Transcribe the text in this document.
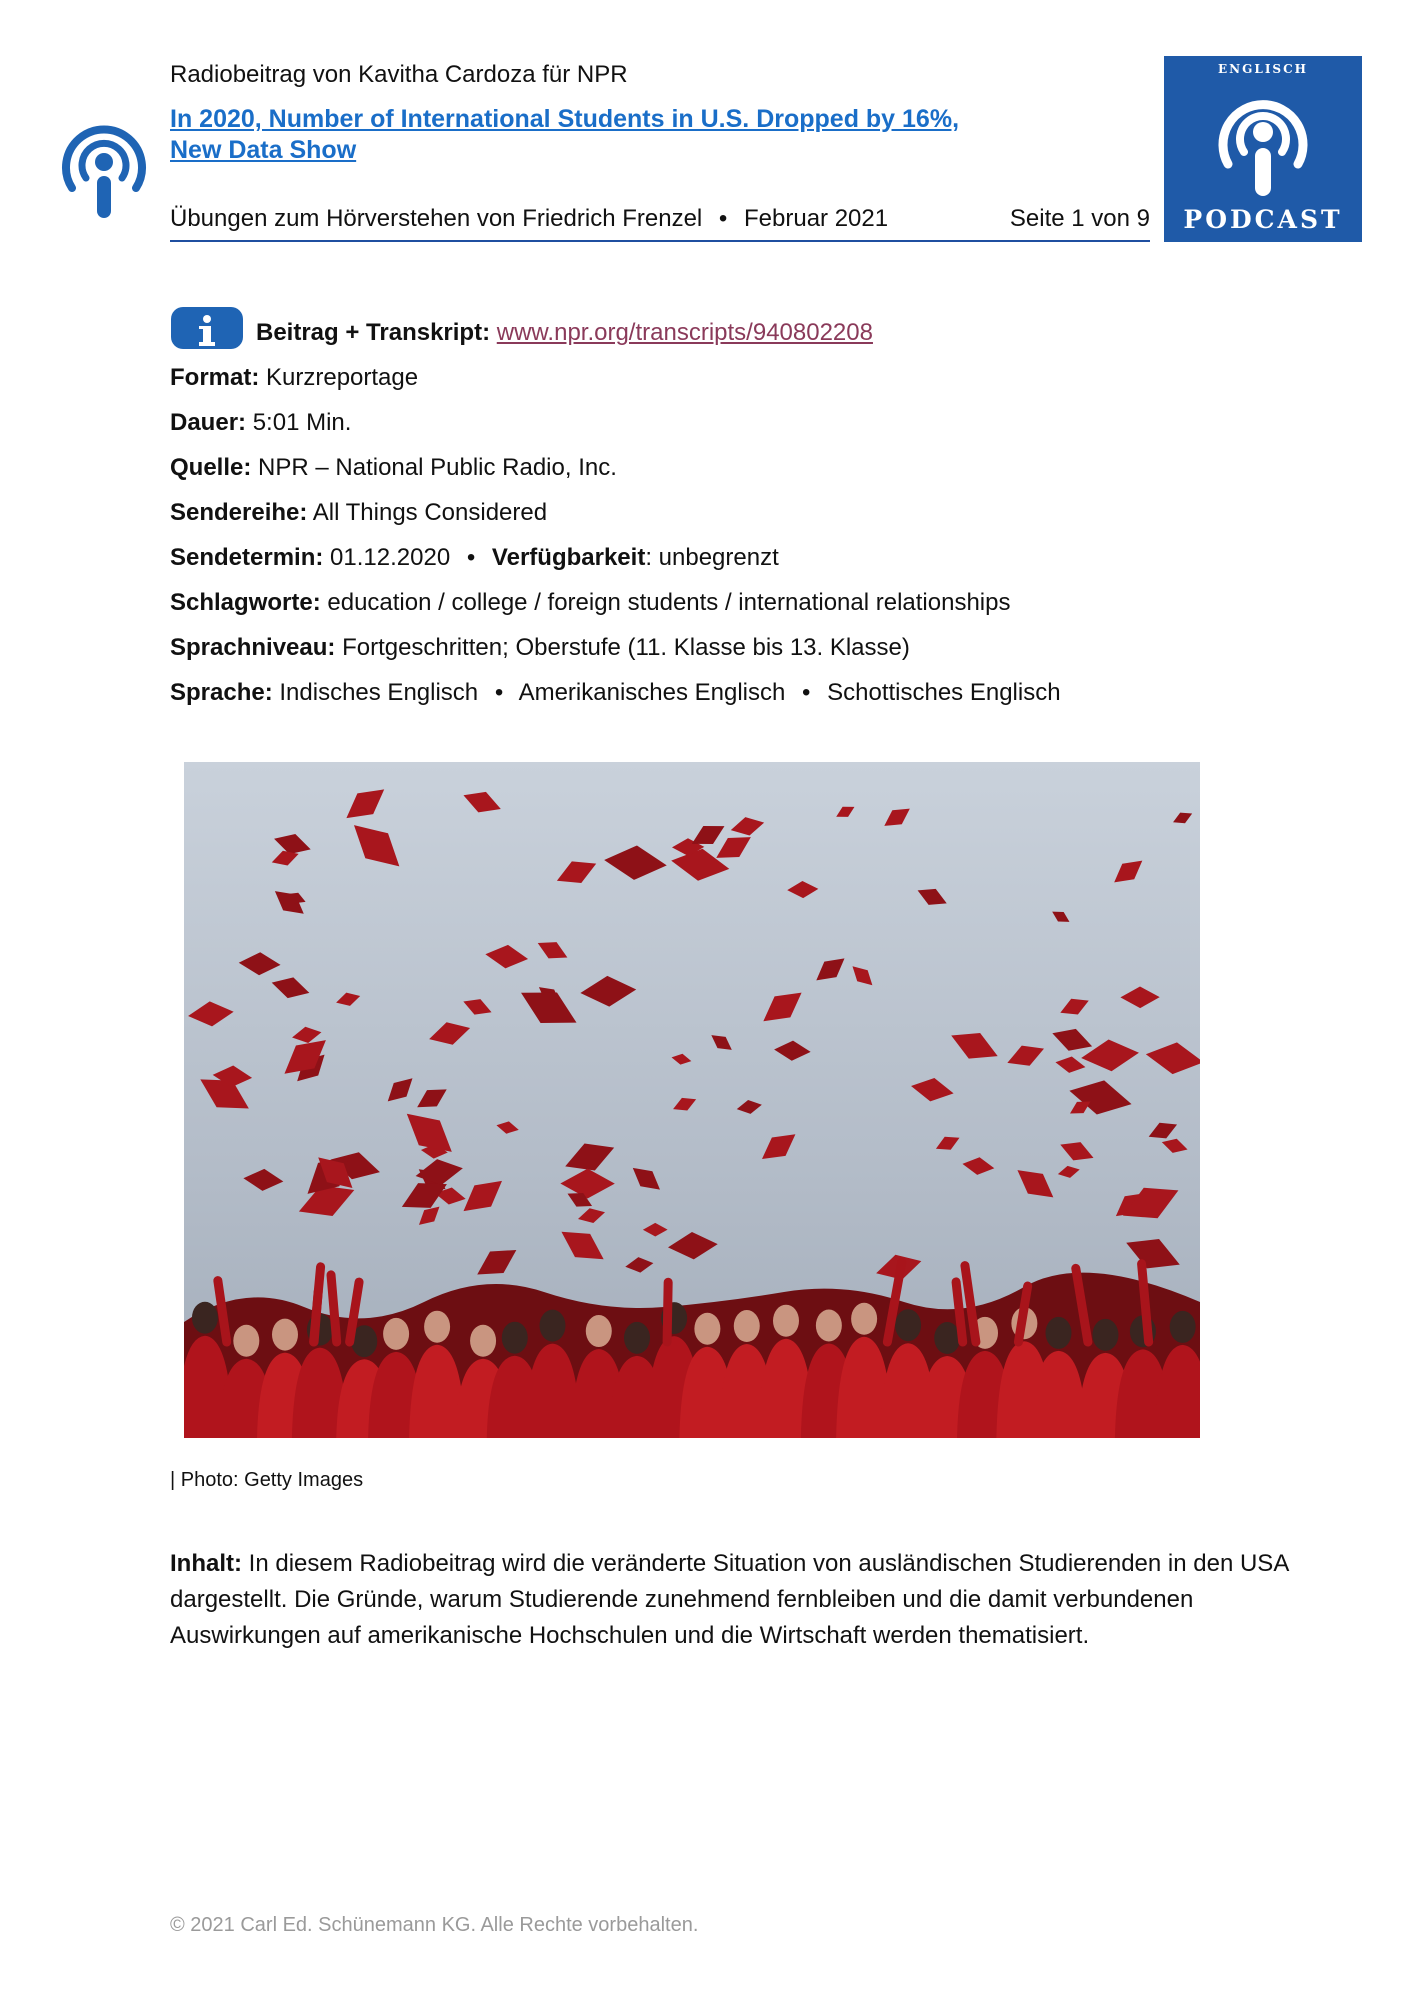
Radiobeitrag von Kavitha Cardoza für NPR

In 2020, Number of International Students in U.S. Dropped by 16%, New Data Show
Übungen zum Hörverstehen von Friedrich Frenzel • Februar 2021	Seite 1 von 9
ENGLISCH
PODCAST
Beitrag + Transkript: www.npr.org/transcripts/940802208
Format: Kurzreportage
Dauer: 5:01 Min.
Quelle: NPR – National Public Radio, Inc.
Sendereihe: All Things Considered
Sendetermin: 01.12.2020 • Verfügbarkeit: unbegrenzt
Schlagworte: education / college / foreign students / international relationships
Sprachniveau: Fortgeschritten; Oberstufe (11. Klasse bis 13. Klasse)
Sprache: Indisches Englisch • Amerikanisches Englisch • Schottisches Englisch
| Photo: Getty Images
Inhalt: In diesem Radiobeitrag wird die veränderte Situation von ausländischen Studierenden in den USA dargestellt. Die Gründe, warum Studierende zunehmend fernbleiben und die damit verbundenen Auswirkungen auf amerikanische Hochschulen und die Wirtschaft werden thematisiert.
© 2021 Carl Ed. Schünemann KG. Alle Rechte vorbehalten.
